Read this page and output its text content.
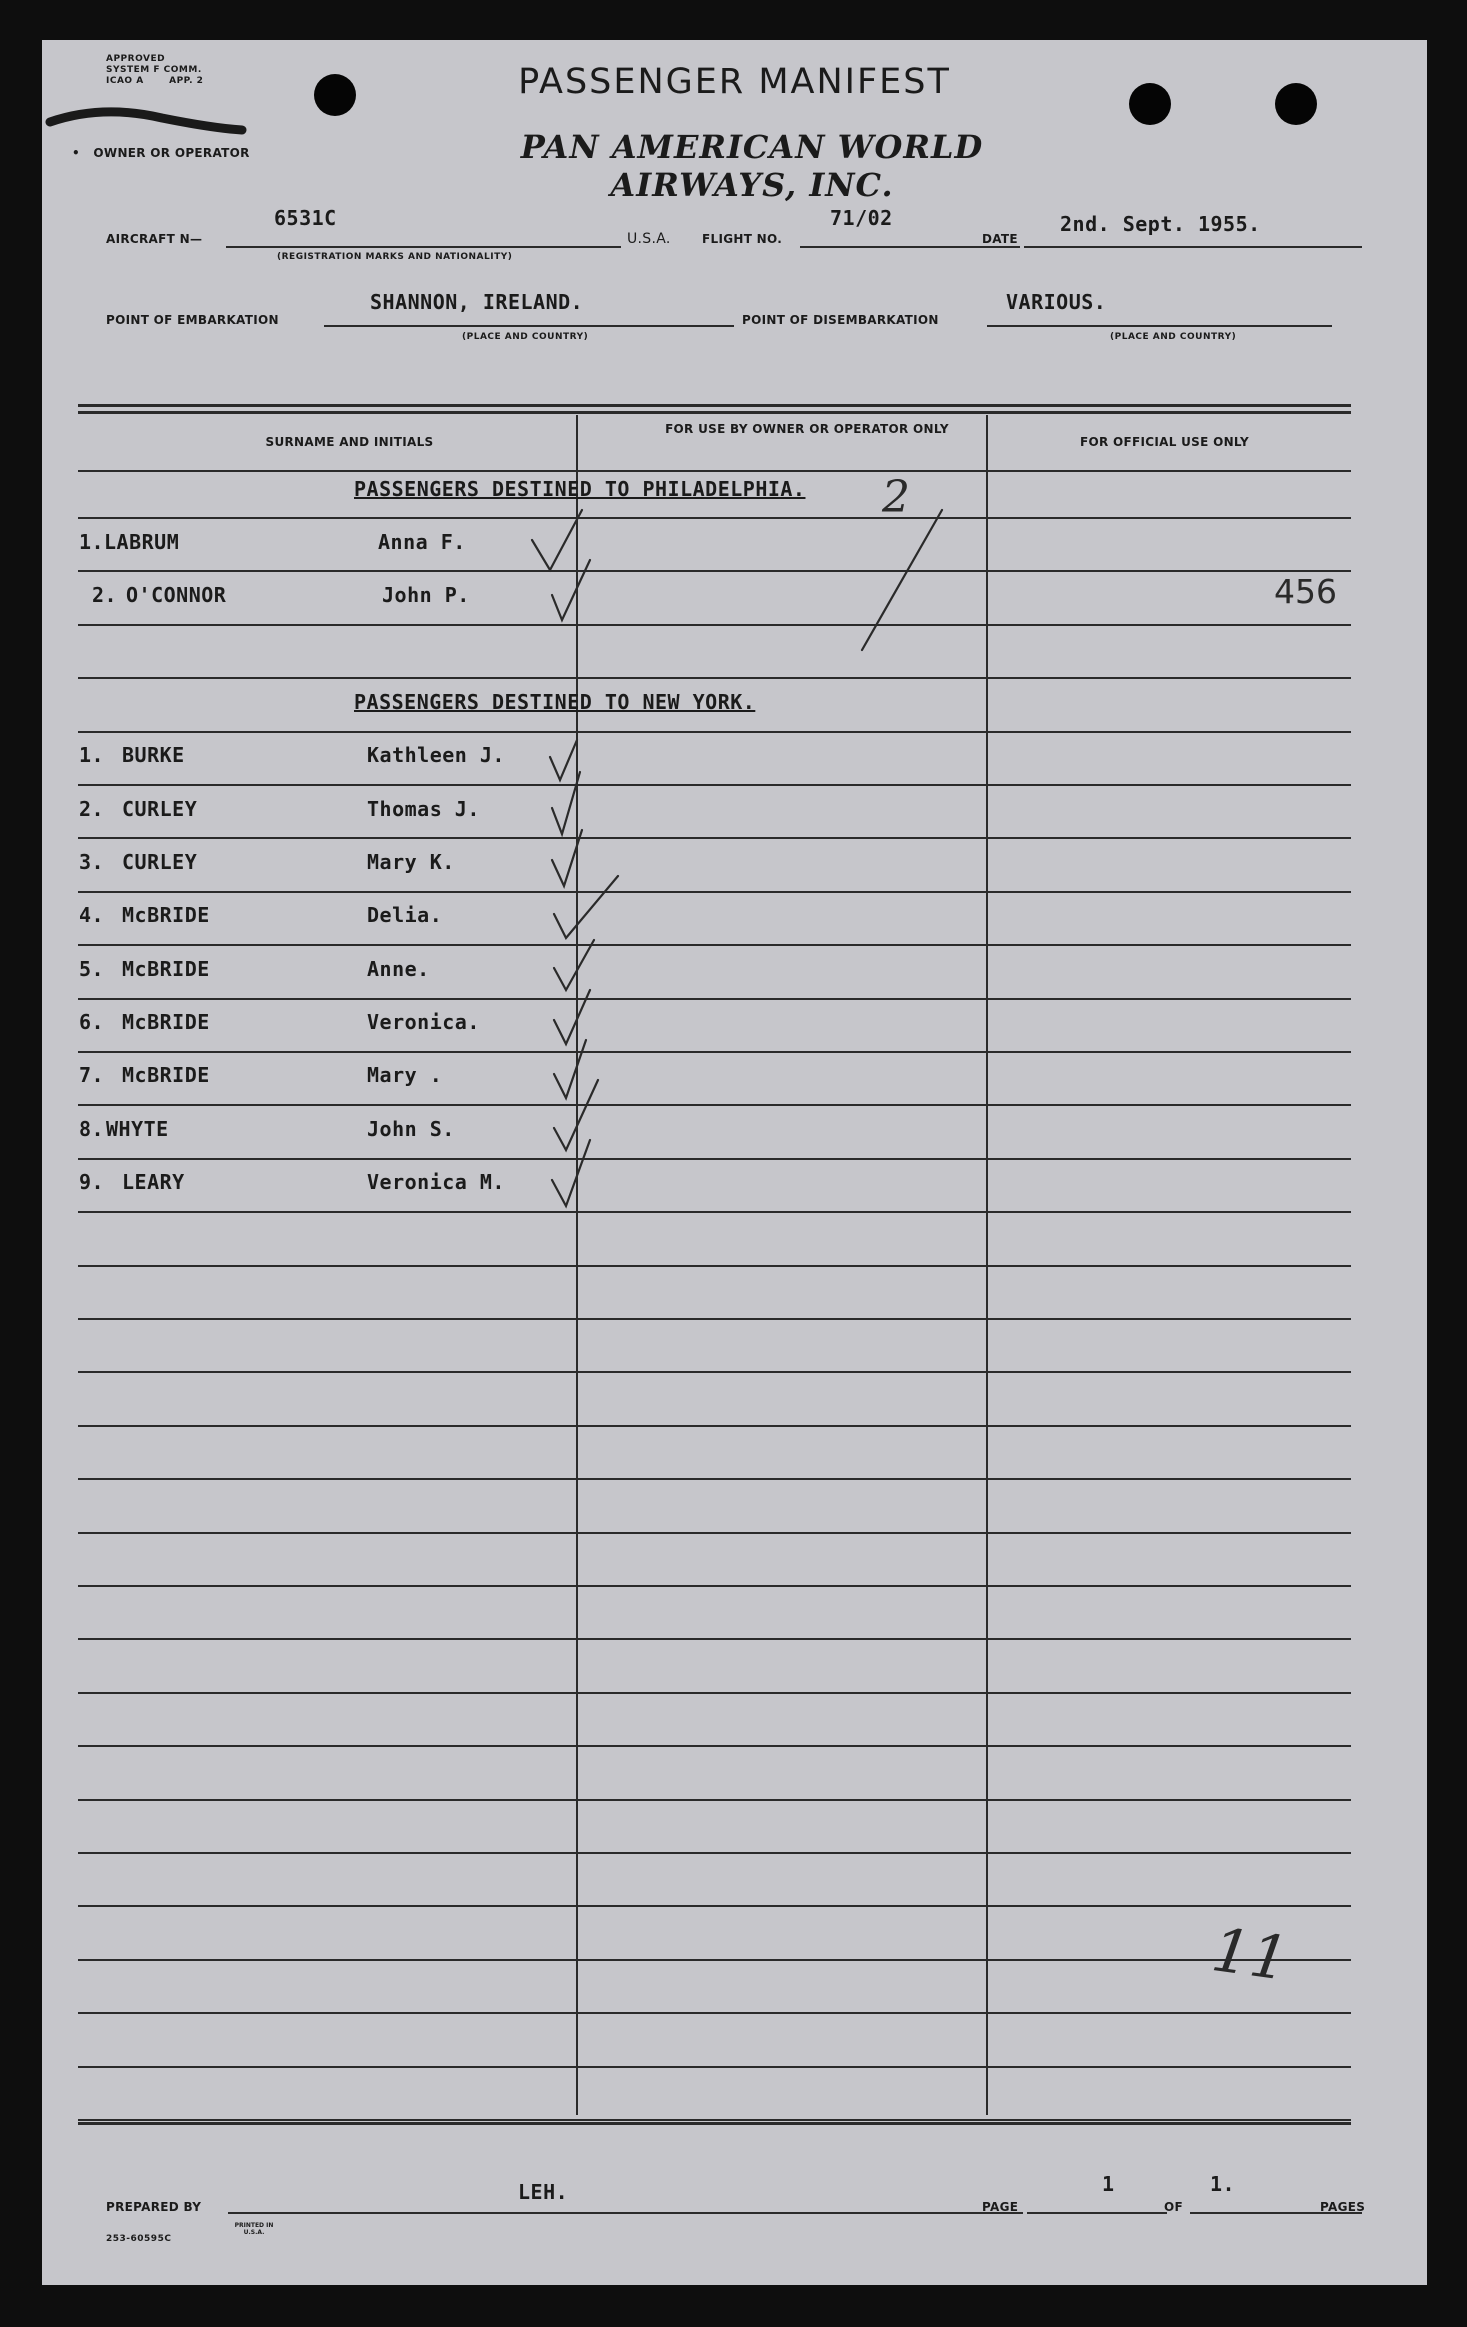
APPROVED
SYSTEM F COMM.
ICAO A	APP. 2	PASSENGER MANIFEST
•   OWNER OR OPERATOR	PAN AMERICAN WORLD AIRWAYS, INC.
AIRCRAFT N—
6531C
(REGISTRATION MARKS AND NATIONALITY)
U.S.A.	FLIGHT NO.
71/02
DATE
2nd. Sept. 1955.
POINT OF EMBARKATION
SHANNON, IRELAND.
(PLACE AND COUNTRY)
POINT OF DISEMBARKATION
VARIOUS.
(PLACE AND COUNTRY)
SURNAME AND INITIALS
FOR USE BY OWNER OR OPERATOR ONLY
FOR OFFICIAL USE ONLY
PASSENGERS DESTINED TO PHILADELPHIA.
PASSENGERS DESTINED TO NEW YORK.
1. LABRUM	Anna F.
2. O'CONNOR	John P.
1. BURKE	Kathleen J.
2. CURLEY	Thomas J.
3. CURLEY	Mary K.
4. McBRIDE	Delia.
5. McBRIDE	Anne.
6. McBRIDE	Veronica.
7. McBRIDE	Mary .
8. WHYTE	John S.
9. LEARY	Veronica M.
2
456
11
PREPARED BY
LEH.
PAGE
1
OF
1.
PAGES
253-60595C
PRINTED IN U.S.A.
